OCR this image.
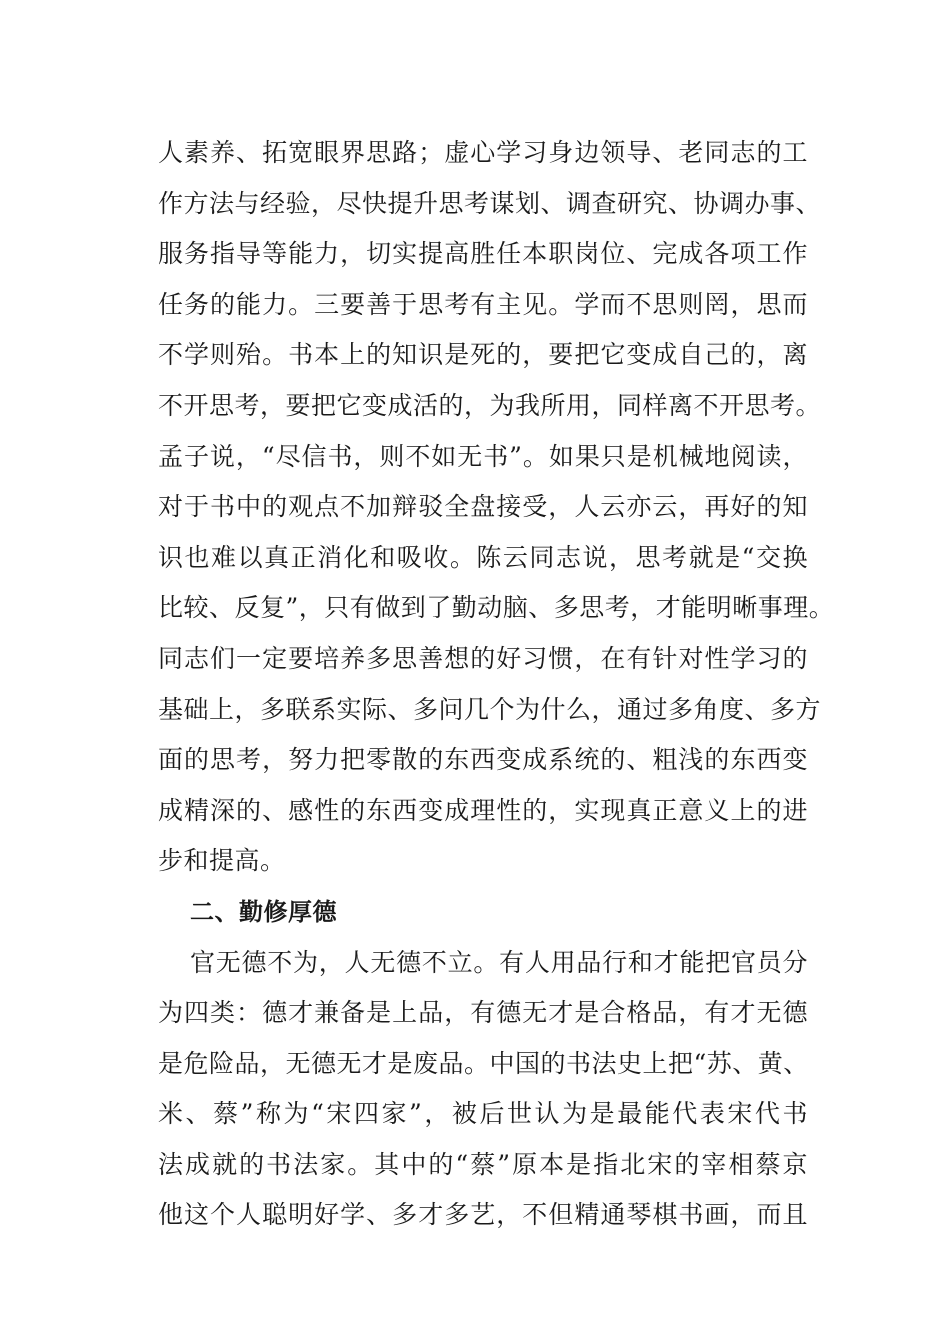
人素养、拓宽眼界思路；虚心学习身边领导、老同志的工
作方法与经验，尽快提升思考谋划、调查研究、协调办事、
服务指导等能力，切实提高胜任本职岗位、完成各项工作
任务的能力。三要善于思考有主见。学而不思则罔，思而
不学则殆。书本上的知识是死的，要把它变成自己的，离
不开思考，要把它变成活的，为我所用，同样离不开思考。
孟子说，“尽信书，则不如无书”。如果只是机械地阅读，
对于书中的观点不加辩驳全盘接受，人云亦云，再好的知
识也难以真正消化和吸收。陈云同志说，思考就是“交换
比较、反复”，只有做到了勤动脑、多思考，才能明晰事理。
同志们一定要培养多思善想的好习惯，在有针对性学习的
基础上，多联系实际、多问几个为什么，通过多角度、多方
面的思考，努力把零散的东西变成系统的、粗浅的东西变
成精深的、感性的东西变成理性的，实现真正意义上的进
步和提高。
二、勤修厚德
官无德不为，人无德不立。有人用品行和才能把官员分
为四类：德才兼备是上品，有德无才是合格品，有才无德
是危险品，无德无才是废品。中国的书法史上把“苏、黄、
米、蔡”称为“宋四家”，被后世认为是最能代表宋代书
法成就的书法家。其中的“蔡”原本是指北宋的宰相蔡京
他这个人聪明好学、多才多艺，不但精通琴棋书画，而且
